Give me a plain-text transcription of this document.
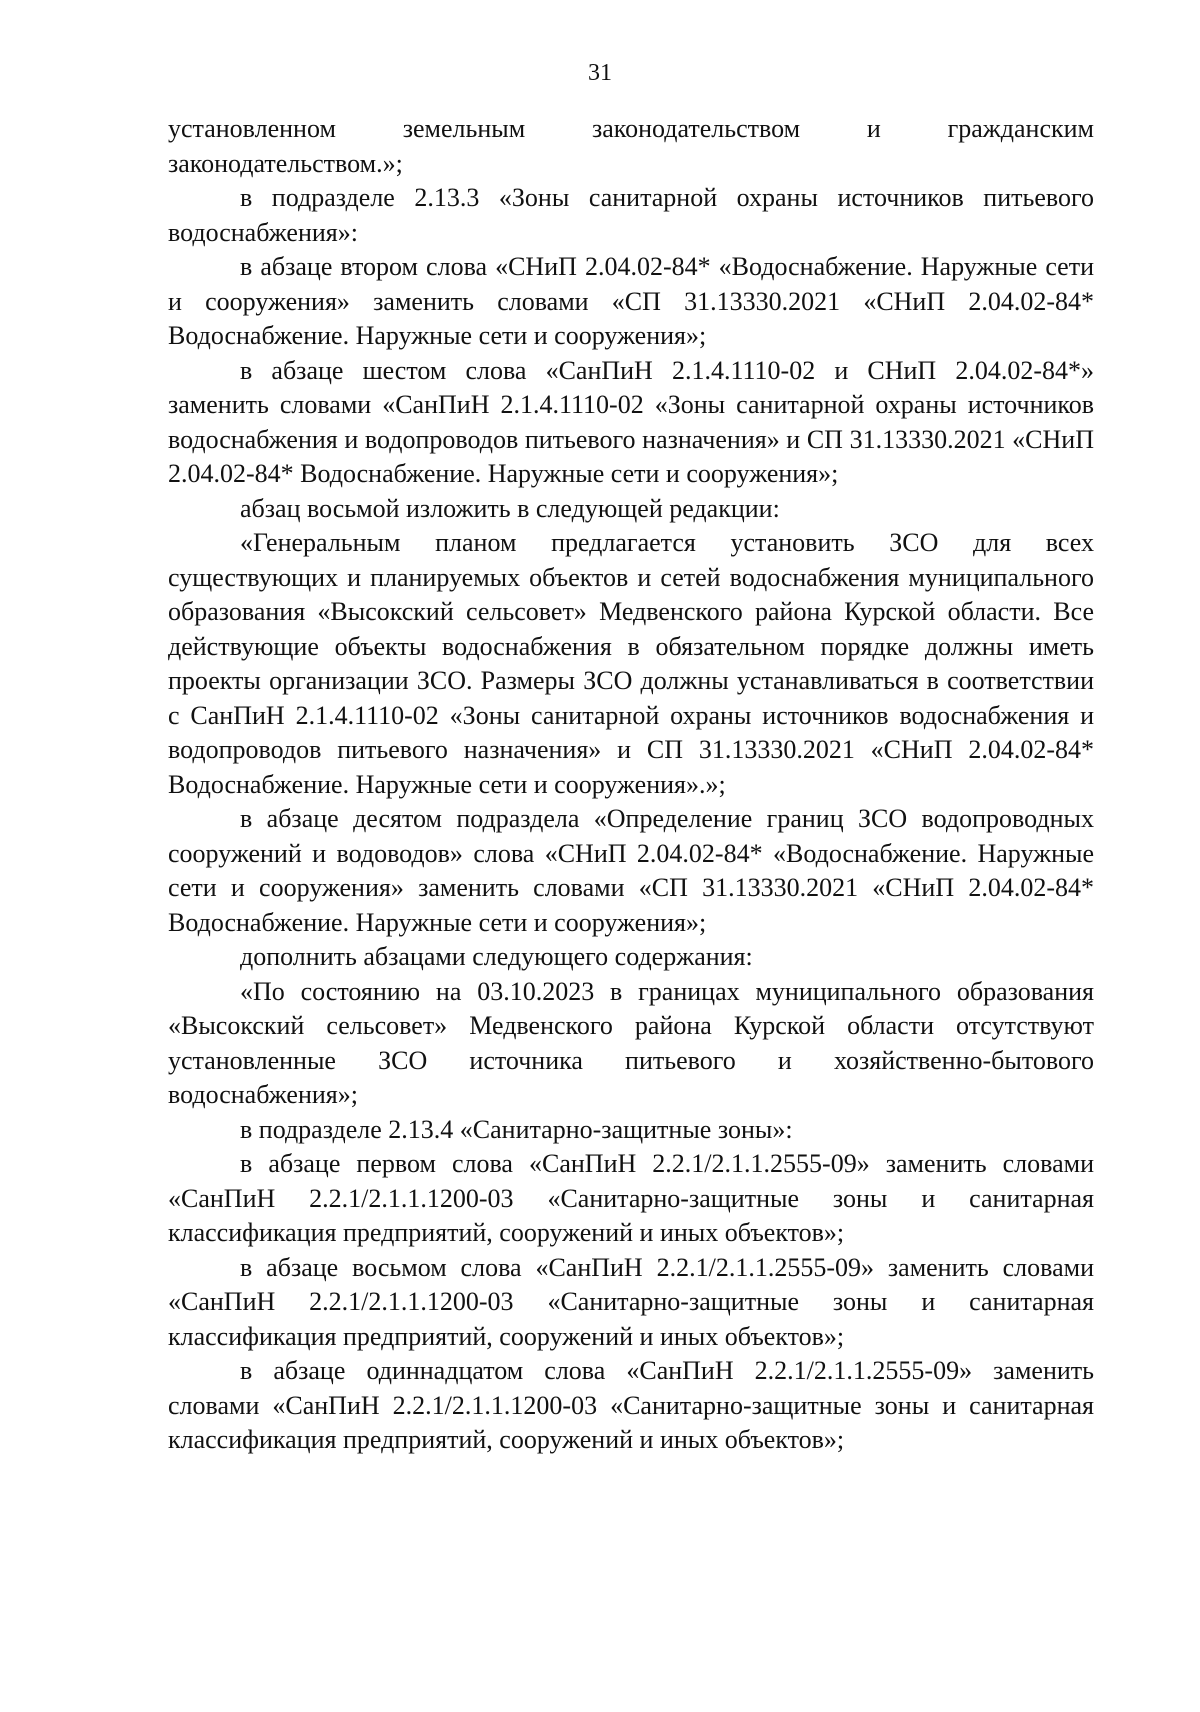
31

установленном земельным законодательством и гражданским законодательством.»;

в подразделе 2.13.3 «Зоны санитарной охраны источников питьевого водоснабжения»:

в абзаце втором слова «СНиП 2.04.02-84* «Водоснабжение. Наружные сети и сооружения» заменить словами «СП 31.13330.2021 «СНиП 2.04.02-84* Водоснабжение. Наружные сети и сооружения»;

в абзаце шестом слова «СанПиН 2.1.4.1110-02 и СНиП 2.04.02-84*» заменить словами «СанПиН 2.1.4.1110-02 «Зоны санитарной охраны источников водоснабжения и водопроводов питьевого назначения» и СП 31.13330.2021 «СНиП 2.04.02-84* Водоснабжение. Наружные сети и сооружения»;

абзац восьмой изложить в следующей редакции:

«Генеральным планом предлагается установить ЗСО для всех существующих и планируемых объектов и сетей водоснабжения муниципального образования «Высокский сельсовет» Медвенского района Курской области. Все действующие объекты водоснабжения в обязательном порядке должны иметь проекты организации ЗСО. Размеры ЗСО должны устанавливаться в соответствии с СанПиН 2.1.4.1110-02 «Зоны санитарной охраны источников водоснабжения и водопроводов питьевого назначения» и СП 31.13330.2021 «СНиП 2.04.02-84* Водоснабжение. Наружные сети и сооружения».»;

в абзаце десятом подраздела «Определение границ ЗСО водопроводных сооружений и водоводов» слова «СНиП 2.04.02-84* «Водоснабжение. Наружные сети и сооружения» заменить словами «СП 31.13330.2021 «СНиП 2.04.02-84* Водоснабжение. Наружные сети и сооружения»;

дополнить абзацами следующего содержания:

«По состоянию на 03.10.2023 в границах муниципального образования «Высокский сельсовет» Медвенского района Курской области отсутствуют установленные ЗСО источника питьевого и хозяйственно-бытового водоснабжения»;

в подразделе 2.13.4 «Санитарно-защитные зоны»:

в абзаце первом слова «СанПиН 2.2.1/2.1.1.2555-09» заменить словами «СанПиН 2.2.1/2.1.1.1200-03 «Санитарно-защитные зоны и санитарная классификация предприятий, сооружений и иных объектов»;

в абзаце восьмом слова «СанПиН 2.2.1/2.1.1.2555-09» заменить словами «СанПиН 2.2.1/2.1.1.1200-03 «Санитарно-защитные зоны и санитарная классификация предприятий, сооружений и иных объектов»;

в абзаце одиннадцатом слова «СанПиН 2.2.1/2.1.1.2555-09» заменить словами «СанПиН 2.2.1/2.1.1.1200-03 «Санитарно-защитные зоны и санитарная классификация предприятий, сооружений и иных объектов»;
